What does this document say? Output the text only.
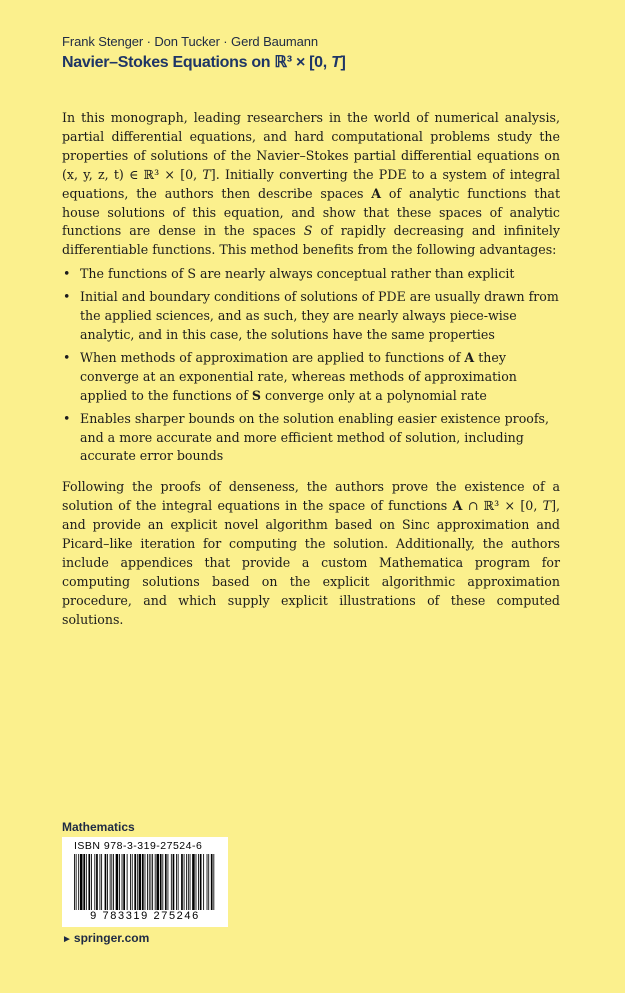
Frank Stenger · Don Tucker · Gerd Baumann
Navier–Stokes Equations on ℝ³ × [0, T]

In this monograph, leading researchers in the world of numerical analysis, partial differential equations, and hard computational problems study the properties of solutions of the Navier–Stokes partial differential equations on (x, y, z, t) ∈ ℝ³ × [0, T]. Initially converting the PDE to a system of integral equations, the authors then describe spaces A of analytic functions that house solutions of this equation, and show that these spaces of analytic functions are dense in the spaces S of rapidly decreasing and infinitely differentiable functions. This method benefits from the following advantages:

• The functions of S are nearly always conceptual rather than explicit
• Initial and boundary conditions of solutions of PDE are usually drawn from the applied sciences, and as such, they are nearly always piece-wise analytic, and in this case, the solutions have the same properties
• When methods of approximation are applied to functions of A they converge at an exponential rate, whereas methods of approximation applied to the functions of S converge only at a polynomial rate
• Enables sharper bounds on the solution enabling easier existence proofs, and a more accurate and more efficient method of solution, including accurate error bounds

Following the proofs of denseness, the authors prove the existence of a solution of the integral equations in the space of functions A ∩ ℝ³ × [0, T], and provide an explicit novel algorithm based on Sinc approximation and Picard–like iteration for computing the solution. Additionally, the authors include appendices that provide a custom Mathematica program for computing solutions based on the explicit algorithmic approximation procedure, and which supply explicit illustrations of these computed solutions.

Mathematics
ISBN 978-3-319-27524-6
9 783319 275246
► springer.com
